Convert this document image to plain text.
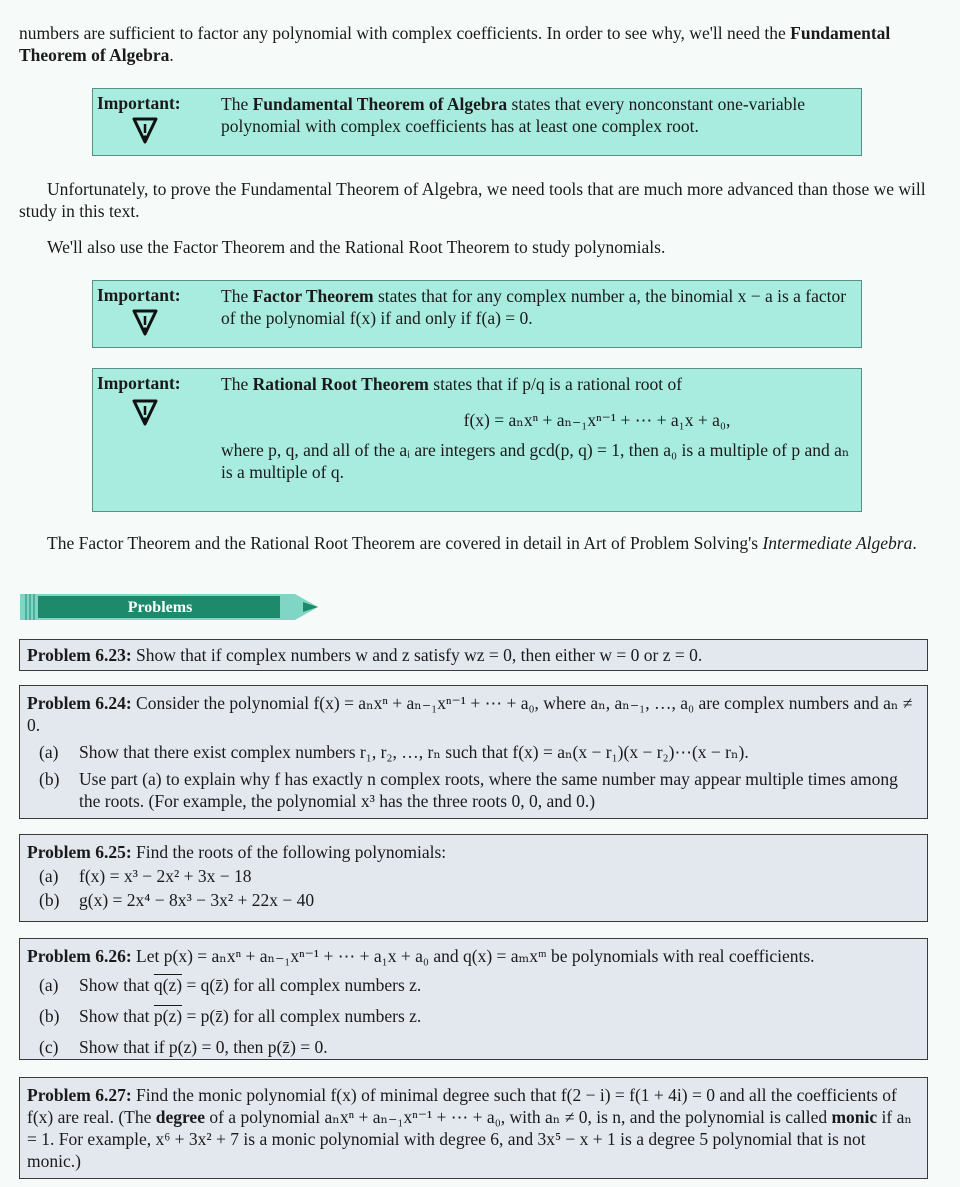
numbers are sufficient to factor any polynomial with complex coefficients. In order to see why, we'll need the Fundamental Theorem of Algebra.
Important: The Fundamental Theorem of Algebra states that every nonconstant one-variable polynomial with complex coefficients has at least one complex root.
Unfortunately, to prove the Fundamental Theorem of Algebra, we need tools that are much more advanced than those we will study in this text.
We'll also use the Factor Theorem and the Rational Root Theorem to study polynomials.
Important: The Factor Theorem states that for any complex number a, the binomial x − a is a factor of the polynomial f(x) if and only if f(a) = 0.
Important: The Rational Root Theorem states that if p/q is a rational root of
f(x) = aₙxⁿ + aₙ₋₁xⁿ⁻¹ + ⋯ + a₁x + a₀,
where p, q, and all of the aᵢ are integers and gcd(p, q) = 1, then a₀ is a multiple of p and aₙ is a multiple of q.
The Factor Theorem and the Rational Root Theorem are covered in detail in Art of Problem Solving's Intermediate Algebra.
Problems
Problem 6.23: Show that if complex numbers w and z satisfy wz = 0, then either w = 0 or z = 0.
Problem 6.24: Consider the polynomial f(x) = aₙxⁿ + aₙ₋₁xⁿ⁻¹ + ⋯ + a₀, where aₙ, aₙ₋₁, …, a₀ are complex numbers and aₙ ≠ 0.
(a)	Show that there exist complex numbers r₁, r₂, …, rₙ such that f(x) = aₙ(x − r₁)(x − r₂)⋯(x − rₙ).
(b)	Use part (a) to explain why f has exactly n complex roots, where the same number may appear multiple times among the roots. (For example, the polynomial x³ has the three roots 0, 0, and 0.)
Problem 6.25: Find the roots of the following polynomials:
(a)	f(x) = x³ − 2x² + 3x − 18
(b)	g(x) = 2x⁴ − 8x³ − 3x² + 22x − 40
Problem 6.26: Let p(x) = aₙxⁿ + aₙ₋₁xⁿ⁻¹ + ⋯ + a₁x + a₀ and q(x) = aₘxᵐ be polynomials with real coefficients.
(a)	Show that q(z) = q(z̄) for all complex numbers z.
(b)	Show that p(z) = p(z̄) for all complex numbers z.
(c)	Show that if p(z) = 0, then p(z̄) = 0.
Problem 6.27: Find the monic polynomial f(x) of minimal degree such that f(2 − i) = f(1 + 4i) = 0 and all the coefficients of f(x) are real. (The degree of a polynomial aₙxⁿ + aₙ₋₁xⁿ⁻¹ + ⋯ + a₀, with aₙ ≠ 0, is n, and the polynomial is called monic if aₙ = 1. For example, x⁶ + 3x² + 7 is a monic polynomial with degree 6, and 3x⁵ − x + 1 is a degree 5 polynomial that is not monic.)
